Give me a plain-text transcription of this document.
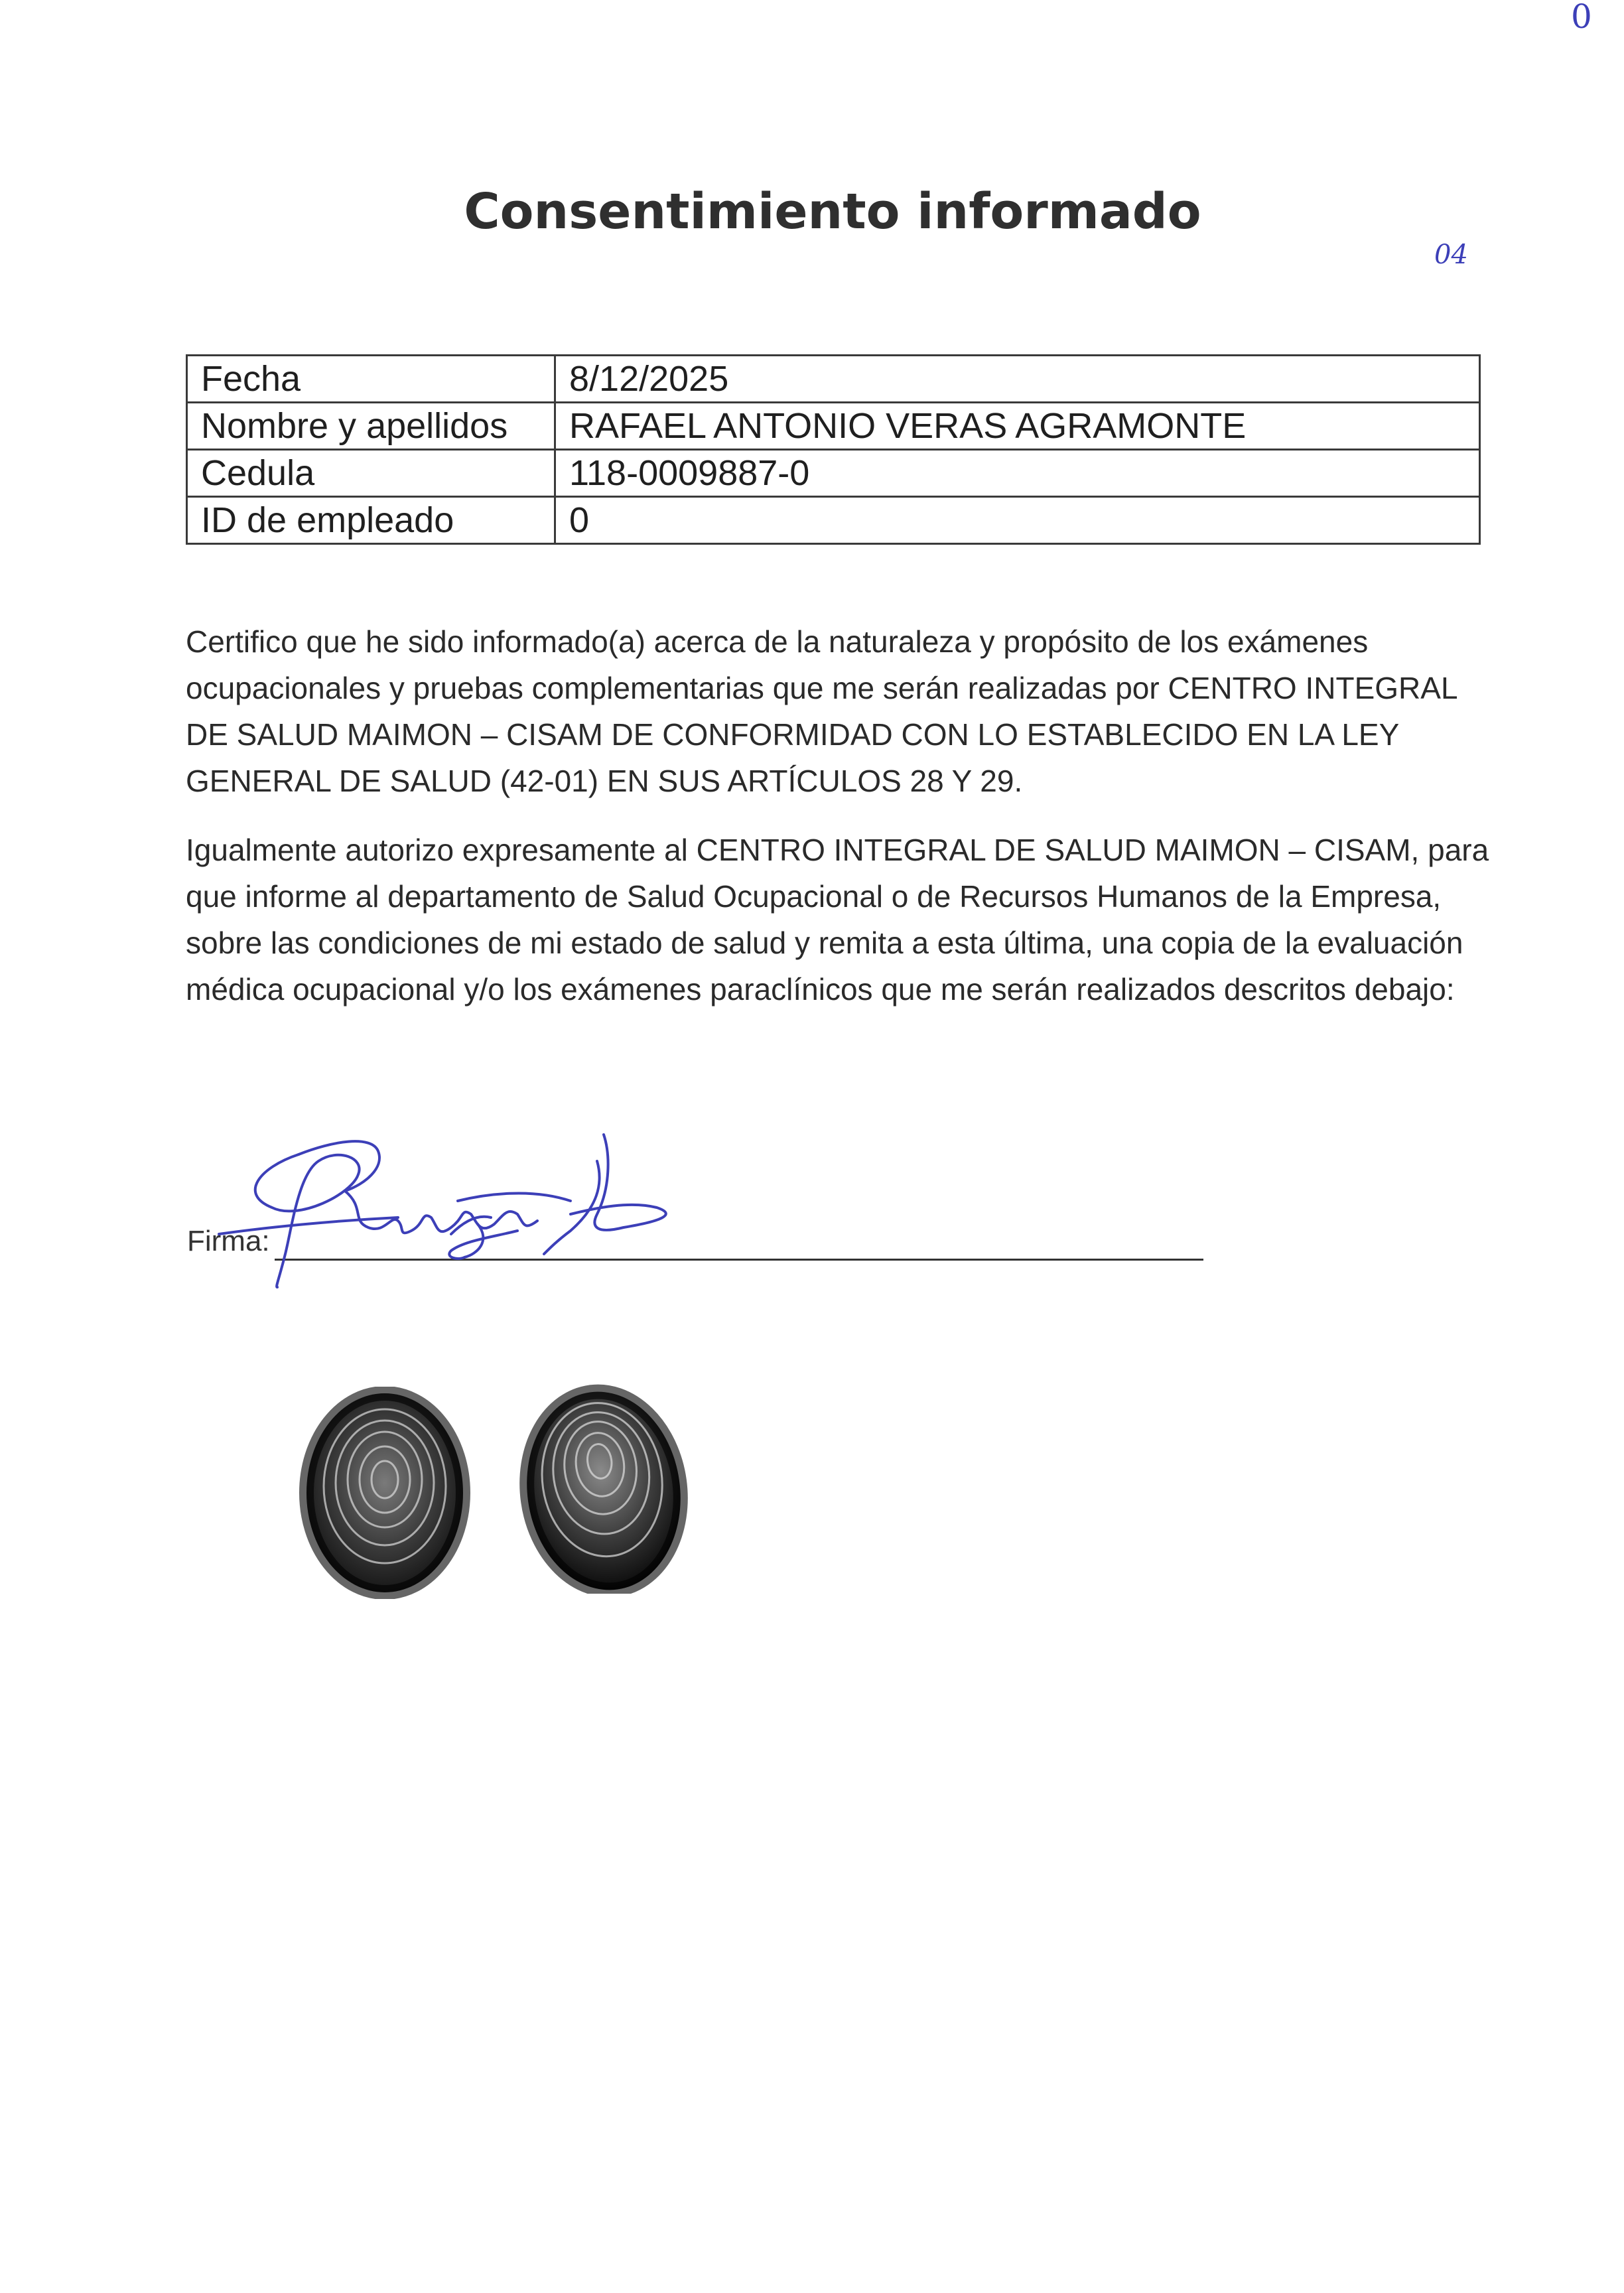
0
Consentimiento informado
04
Fecha	8/12/2025
Nombre y apellidos	RAFAEL ANTONIO VERAS AGRAMONTE
Cedula	118-0009887-0
ID de empleado	0

Certifico que he sido informado(a) acerca de la naturaleza y propósito de los exámenes ocupacionales y pruebas complementarias que me serán realizadas por CENTRO INTEGRAL DE SALUD MAIMON – CISAM DE CONFORMIDAD CON LO ESTABLECIDO EN LA LEY GENERAL DE SALUD (42-01) EN SUS ARTÍCULOS 28 Y 29.

Igualmente autorizo expresamente al CENTRO INTEGRAL DE SALUD MAIMON – CISAM, para que informe al departamento de Salud Ocupacional o de Recursos Humanos de la Empresa, sobre las condiciones de mi estado de salud y remita a esta última, una copia de la evaluación médica ocupacional y/o los exámenes paraclínicos que me serán realizados descritos debajo:

Firma:
